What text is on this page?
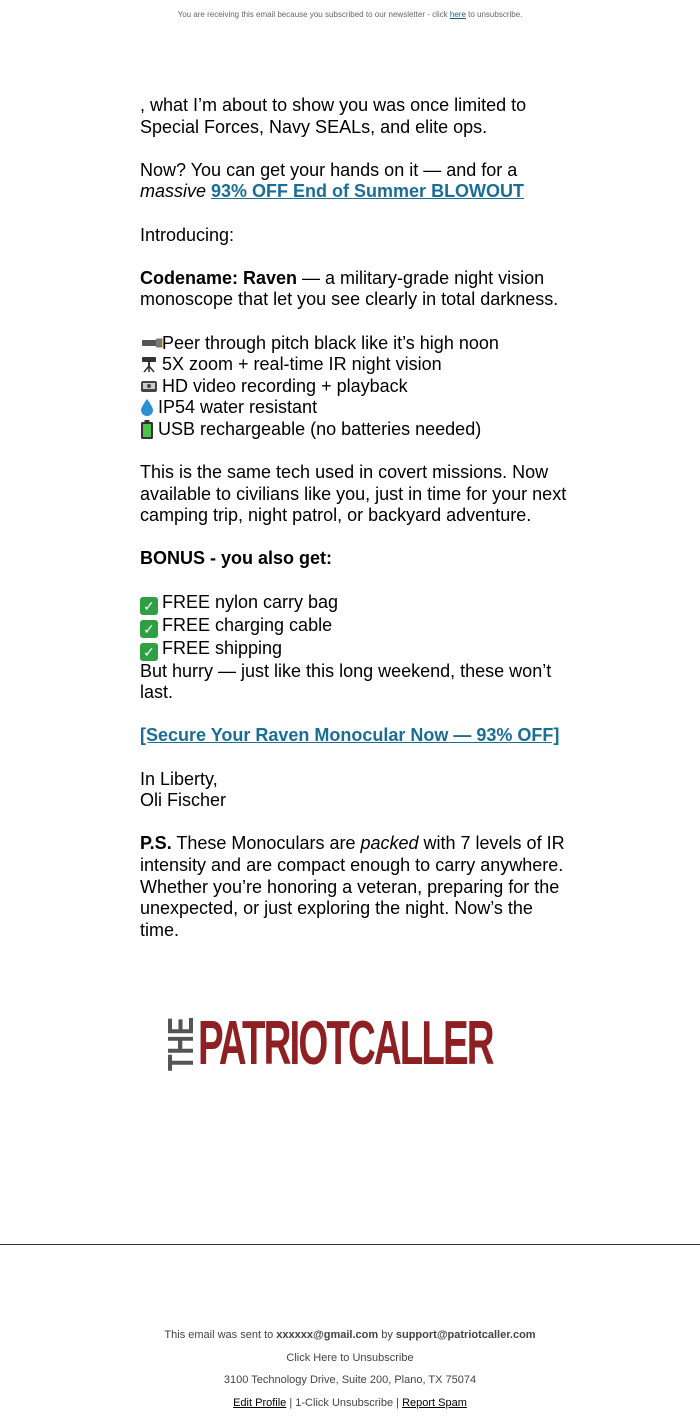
You are receiving this email because you subscribed to our newsletter - click here to unsubscribe.

, what I’m about to show you was once limited to Special Forces, Navy SEALs, and elite ops.

Now? You can get your hands on it — and for a massive 93% OFF End of Summer BLOWOUT

Introducing:

Codename: Raven — a military-grade night vision monoscope that let you see clearly in total darkness.

Peer through pitch black like it’s high noon

5X zoom + real-time IR night vision

HD video recording + playback

IP54 water resistant

USB rechargeable (no batteries needed)

This is the same tech used in covert missions. Now available to civilians like you, just in time for your next camping trip, night patrol, or backyard adventure.

BONUS - you also get:

✓ FREE nylon carry bag
✓ FREE charging cable
✓ FREE shipping

But hurry — just like this long weekend, these won’t last.

[Secure Your Raven Monocular Now — 93% OFF]

In Liberty,
Oli Fischer

P.S. These Monoculars are packed with 7 levels of IR intensity and are compact enough to carry anywhere. Whether you’re honoring a veteran, preparing for the unexpected, or just exploring the night. Now’s the time.

THE
PATRIOTCALLER
This email was sent to xxxxxx@gmail.com by support@patriotcaller.com
Click Here to Unsubscribe
3100 Technology Drive, Suite 200, Plano, TX 75074
Edit Profile | 1-Click Unsubscribe | Report Spam
